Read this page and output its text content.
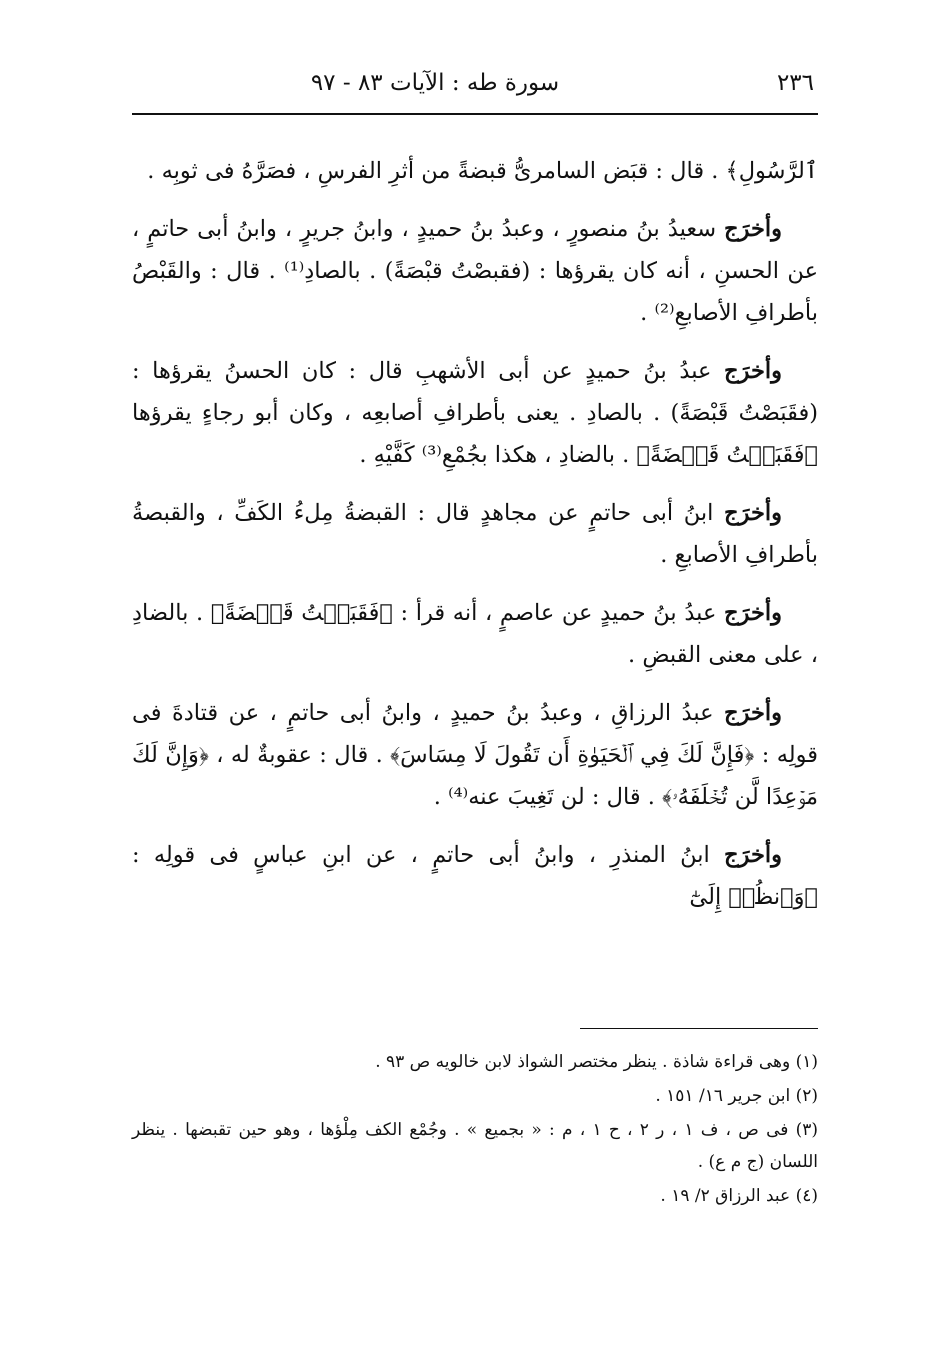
٢٣٦
سورة طه : الآيات ٨٣ - ٩٧

ٱلرَّسُولِ﴾ . قال : قبَض السامرىُّ قبضةً من أثرِ الفرسِ ، فصَرَّهُ فى ثوبِه .

وأخرَج سعيدُ بنُ منصورٍ ، وعبدُ بنُ حميدٍ ، وابنُ جريرٍ ، وابنُ أبى حاتمٍ ، عن الحسنِ ، أنه كان يقرؤها : (فقبصْتُ قبْصَةً) . بالصادِ⁽¹⁾ . قال : والقَبْصُ بأطرافِ الأصابعِ⁽²⁾ .

وأخرَج عبدُ بنُ حميدٍ عن أبى الأشهبِ قال : كان الحسنُ يقرؤها : (فقَبَصْتُ قَبْصَةً) . بالصادِ . يعنى بأطرافِ أصابعِه ، وكان أبو رجاءٍ يقرؤها ﴿فَقَبَضۡتُ قَبۡضَةً﴾ . بالضادِ ، هكذا بجُمْعِ⁽³⁾ كَفَّيْهِ .

وأخرَج ابنُ أبى حاتمٍ عن مجاهدٍ قال : القبضةُ مِلءُ الكَفِّ ، والقبصةُ بأطرافِ الأصابعِ .

وأخرَج عبدُ بنُ حميدٍ عن عاصمٍ ، أنه قرأ : ﴿فَقَبَضۡتُ قَبۡضَةً﴾ . بالضادِ ، على معنى القبضِ .

وأخرَج عبدُ الرزاقِ ، وعبدُ بنُ حميدٍ ، وابنُ أبى حاتمٍ ، عن قتادةَ فى قولِه : ﴿فَإِنَّ لَكَ فِي ٱلۡحَيَوٰةِ أَن تَقُولَ لَا مِسَاسَ﴾ . قال : عقوبةٌ له ، ﴿وَإِنَّ لَكَ مَوۡعِدًا لَّن تُخۡلَفَهُۥ﴾ . قال : لن تَغِيبَ عنه⁽⁴⁾ .

وأخرَج ابنُ المنذرِ ، وابنُ أبى حاتمٍ ، عن ابنِ عباسٍ فى قولِه : ﴿وَٱنظُرۡ إِلَىٰٓ

(١) وهى قراءة شاذة . ينظر مختصر الشواذ لابن خالويه ص ٩٣ .

(٢) ابن جرير ١٦/ ١٥١ .

(٣) فى ص ، ف ١ ، ر ٢ ، ح ١ ، م : « بجميع » . وجُمْع الكف مِلْؤها ، وهو حين تقبضها . ينظر اللسان (ج م ع) .

(٤) عبد الرزاق ٢/ ١٩ .
